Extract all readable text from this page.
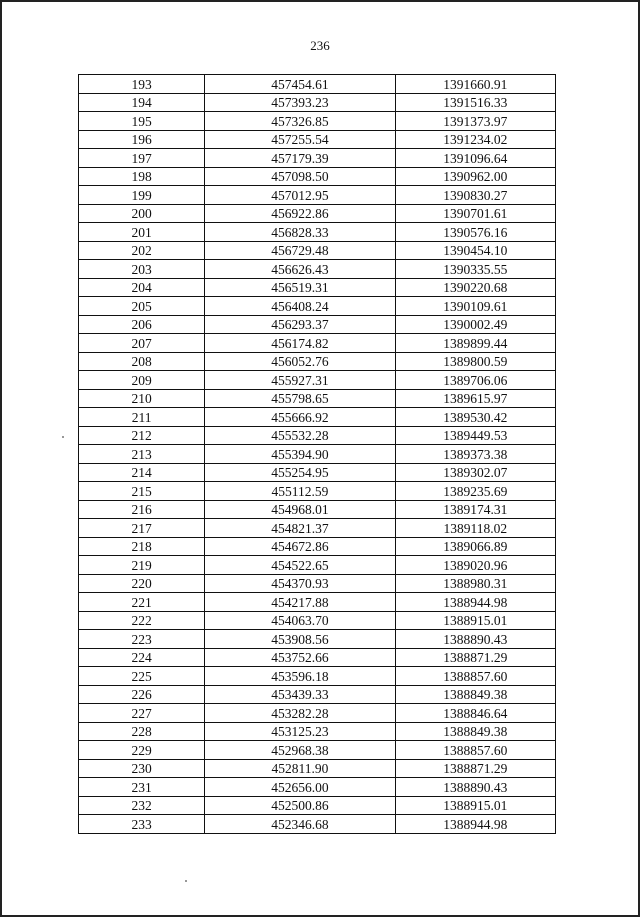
236
193	457454.61	1391660.91
194	457393.23	1391516.33
195	457326.85	1391373.97
196	457255.54	1391234.02
197	457179.39	1391096.64
198	457098.50	1390962.00
199	457012.95	1390830.27
200	456922.86	1390701.61
201	456828.33	1390576.16
202	456729.48	1390454.10
203	456626.43	1390335.55
204	456519.31	1390220.68
205	456408.24	1390109.61
206	456293.37	1390002.49
207	456174.82	1389899.44
208	456052.76	1389800.59
209	455927.31	1389706.06
210	455798.65	1389615.97
211	455666.92	1389530.42
212	455532.28	1389449.53
213	455394.90	1389373.38
214	455254.95	1389302.07
215	455112.59	1389235.69
216	454968.01	1389174.31
217	454821.37	1389118.02
218	454672.86	1389066.89
219	454522.65	1389020.96
220	454370.93	1388980.31
221	454217.88	1388944.98
222	454063.70	1388915.01
223	453908.56	1388890.43
224	453752.66	1388871.29
225	453596.18	1388857.60
226	453439.33	1388849.38
227	453282.28	1388846.64
228	453125.23	1388849.38
229	452968.38	1388857.60
230	452811.90	1388871.29
231	452656.00	1388890.43
232	452500.86	1388915.01
233	452346.68	1388944.98
